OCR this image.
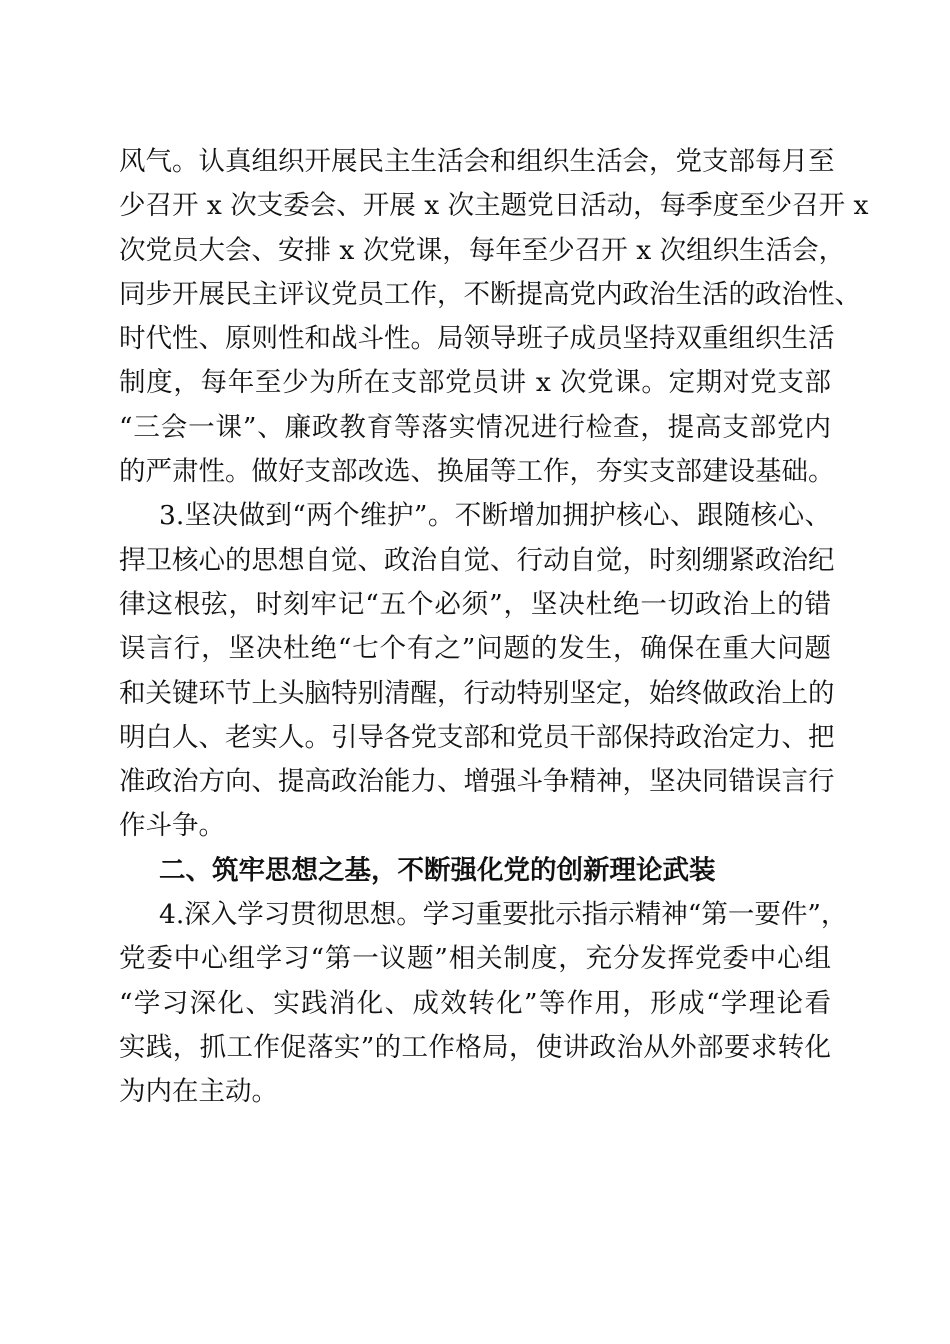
风气。认真组织开展民主生活会和组织生活会，党支部每月至
少召开 x 次支委会、开展 x 次主题党日活动，每季度至少召开 x
次党员大会、安排 x 次党课，每年至少召开 x 次组织生活会，
同步开展民主评议党员工作，不断提高党内政治生活的政治性、
时代性、原则性和战斗性。局领导班子成员坚持双重组织生活
制度，每年至少为所在支部党员讲 x 次党课。定期对党支部
“三会一课”、廉政教育等落实情况进行检查，提高支部党内
的严肃性。做好支部改选、换届等工作，夯实支部建设基础。
3.坚决做到“两个维护”。不断增加拥护核心、跟随核心、
捍卫核心的思想自觉、政治自觉、行动自觉，时刻绷紧政治纪
律这根弦，时刻牢记“五个必须”，坚决杜绝一切政治上的错
误言行，坚决杜绝“七个有之”问题的发生，确保在重大问题
和关键环节上头脑特别清醒，行动特别坚定，始终做政治上的
明白人、老实人。引导各党支部和党员干部保持政治定力、把
准政治方向、提高政治能力、增强斗争精神，坚决同错误言行
作斗争。
二、筑牢思想之基，不断强化党的创新理论武装
4.深入学习贯彻思想。学习重要批示指示精神“第一要件”，
党委中心组学习“第一议题”相关制度，充分发挥党委中心组
“学习深化、实践消化、成效转化”等作用，形成“学理论看
实践，抓工作促落实”的工作格局，使讲政治从外部要求转化
为内在主动。
